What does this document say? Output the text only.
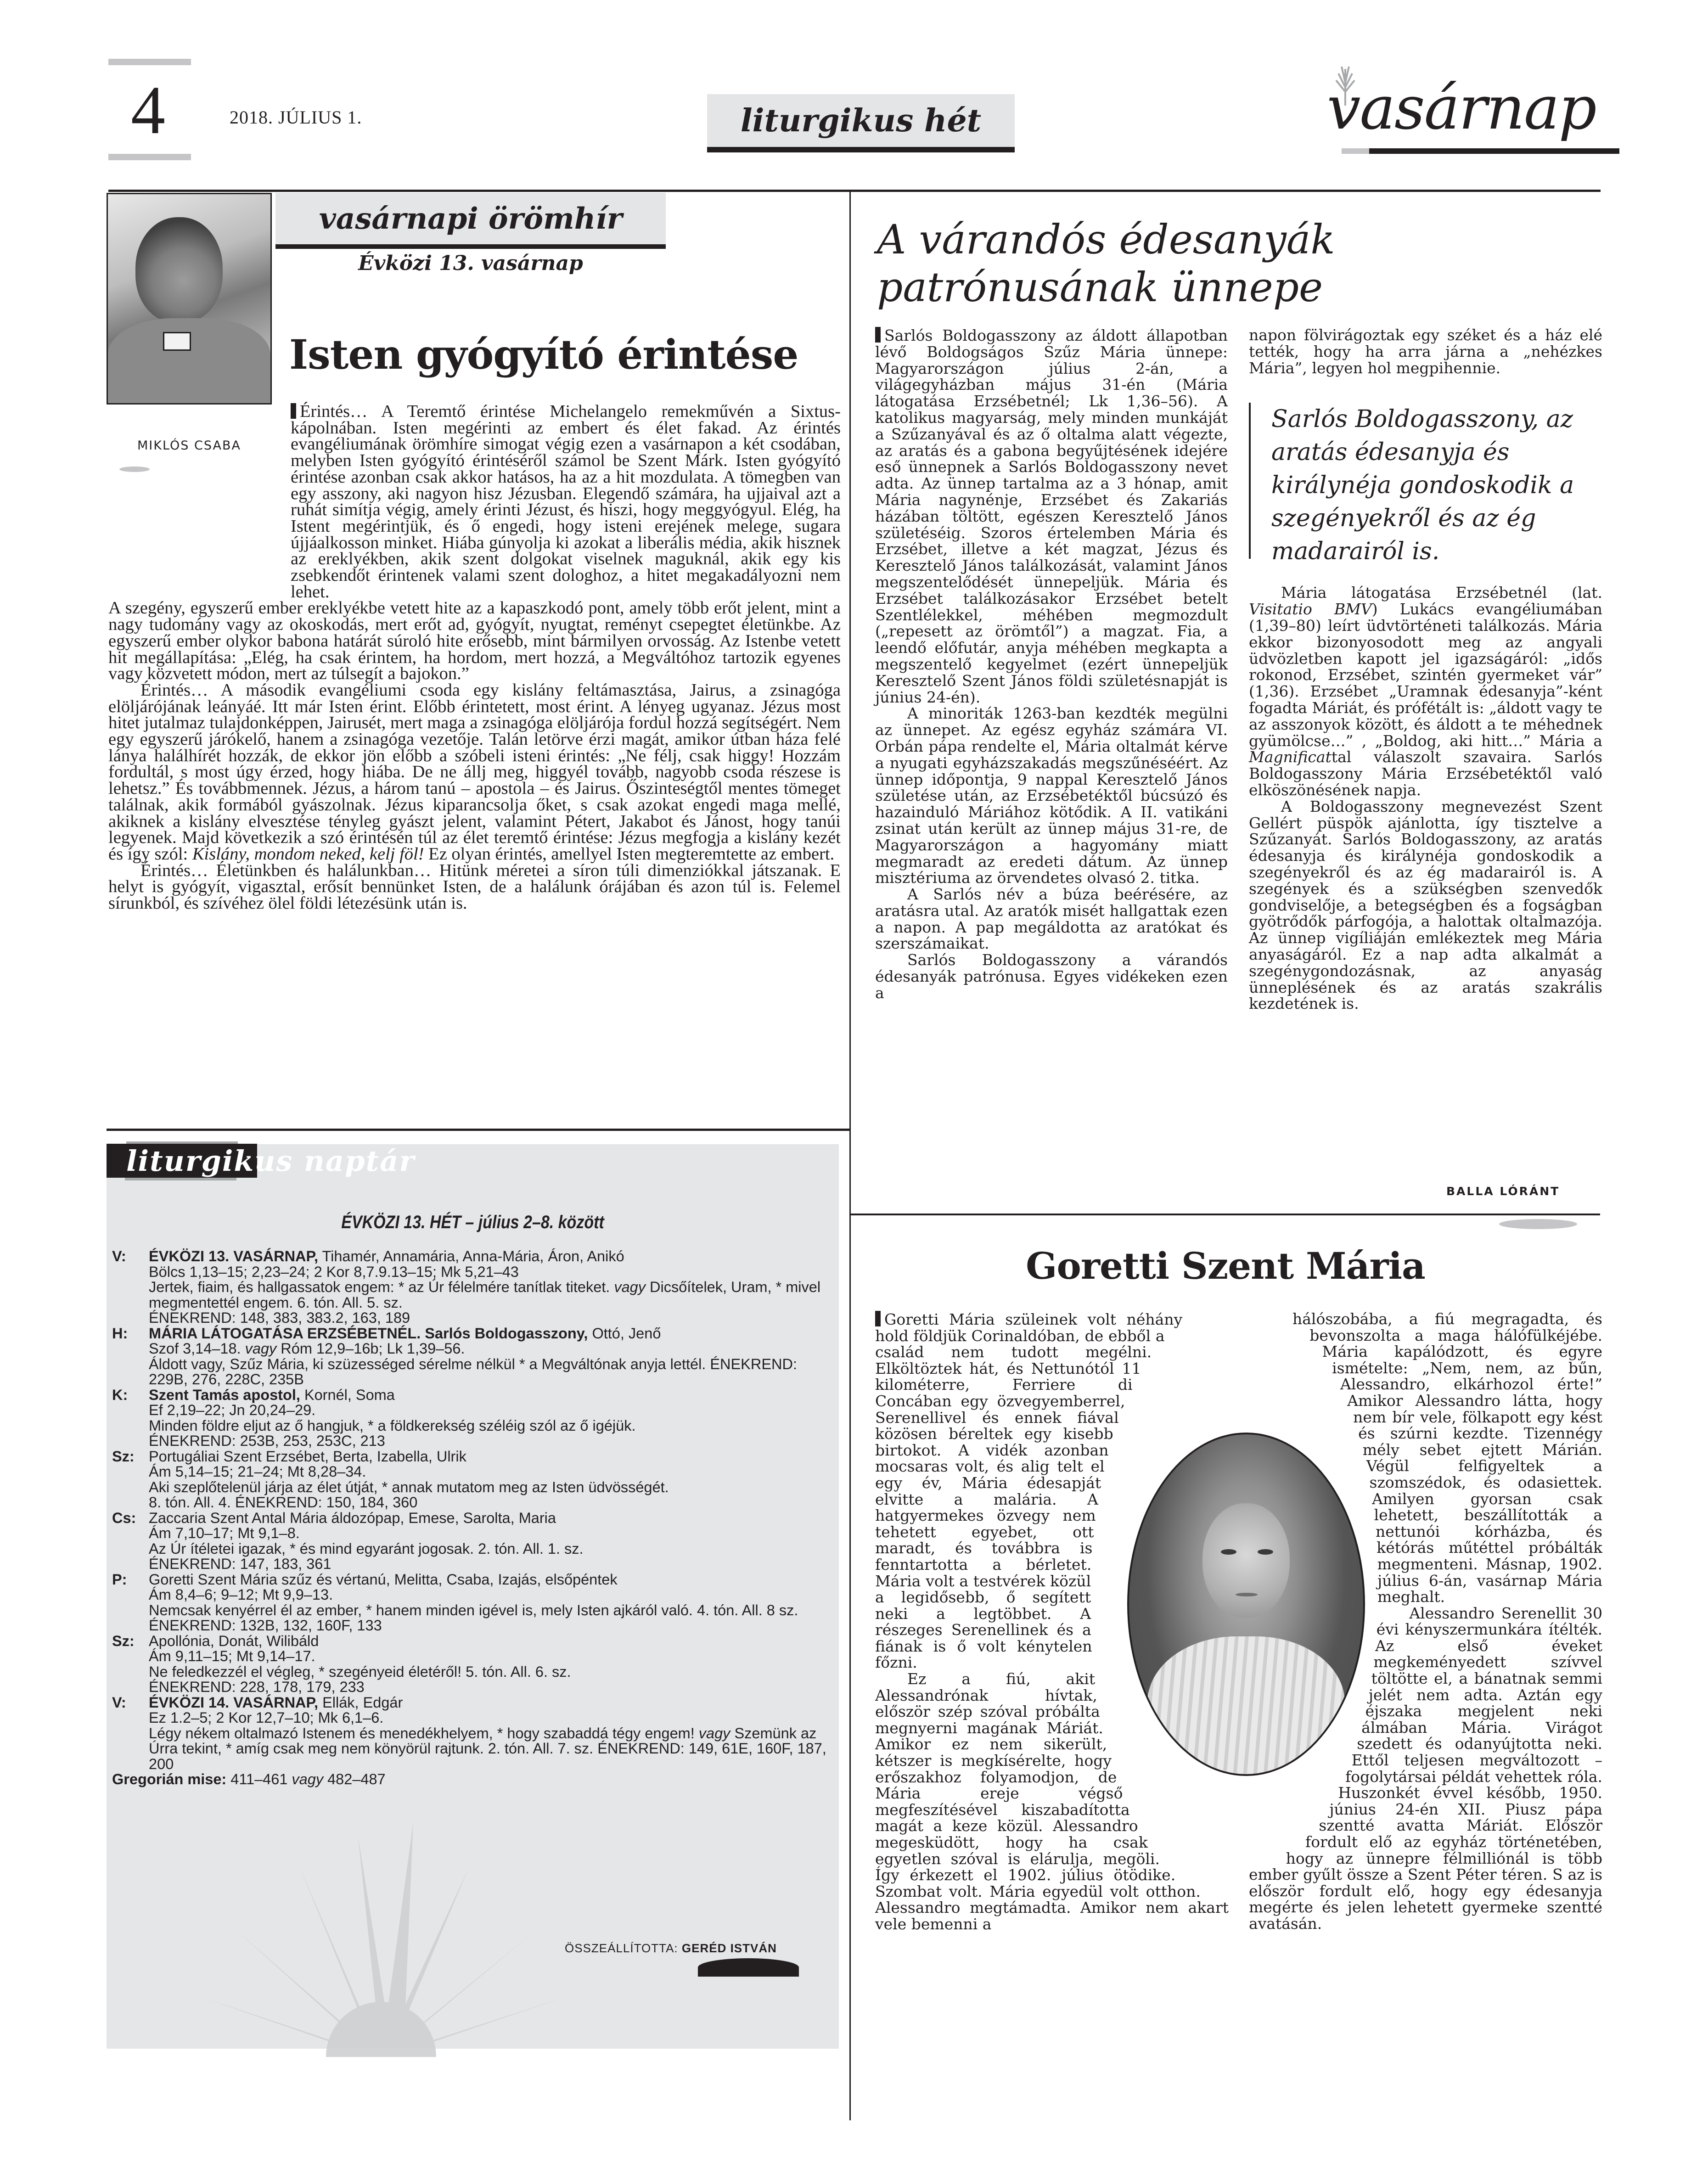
4	2018. JÚLIUS 1.	liturgikus hét	vasárnap
MIKLÓS CSABA
vasárnapi örömhír
Évközi 13. vasárnap
Isten gyógyító érintése

Érintés… A Teremtő érintése Michelangelo remekművén a Sixtus-kápolnában. Isten megérinti az embert és élet fakad. Az érintés evangéliumának örömhíre simogat végig ezen a vasárnapon a két csodában, melyben Isten gyógyító érintéséről számol be Szent Márk. Isten gyógyító érintése azonban csak akkor hatásos, ha az a hit mozdulata. A tömegben van egy asszony, aki nagyon hisz Jézusban. Elegendő számára, ha ujjaival azt a ruhát simítja végig, amely érinti Jézust, és hiszi, hogy meggyógyul. Elég, ha Istent megérintjük, és ő engedi, hogy isteni erejének melege, sugara újjáalkosson minket. Hiába gúnyolja ki azokat a liberális média, akik hisznek az ereklyékben, akik szent dolgokat viselnek maguknál, akik egy kis zsebkendőt érintenek valami szent dologhoz, a hitet megakadályozni nem lehet.

A szegény, egyszerű ember ereklyékbe vetett hite az a kapaszkodó pont, amely több erőt jelent, mint a nagy tudomány vagy az okoskodás, mert erőt ad, gyógyít, nyugtat, reményt csepegtet életünkbe. Az egyszerű ember olykor babona határát súroló hite erősebb, mint bármilyen orvosság. Az Istenbe vetett hit megállapítása: „Elég, ha csak érintem, ha hordom, mert hozzá, a Megváltóhoz tartozik egyenes vagy közvetett módon, mert az túlsegít a bajokon.”

Érintés… A második evangéliumi csoda egy kislány feltámasztása, Jairus, a zsinagóga elöljárójának leányáé. Itt már Isten érint. Előbb érintetett, most érint. A lényeg ugyanaz. Jézus most hitet jutalmaz tulajdonképpen, Jairusét, mert maga a zsinagóga elöljárója fordul hozzá segítségért. Nem egy egyszerű járókelő, hanem a zsinagóga vezetője. Talán letörve érzi magát, amikor útban háza felé lánya halálhírét hozzák, de ekkor jön előbb a szóbeli isteni érintés: „Ne félj, csak higgy! Hozzám fordultál, s most úgy érzed, hogy hiába. De ne állj meg, higgyél tovább, nagyobb csoda részese is lehetsz.” És továbbmennek. Jézus, a három tanú – apostola – és Jairus. Őszinteségtől mentes tömeget találnak, akik formából gyászolnak. Jézus kiparancsolja őket, s csak azokat engedi maga mellé, akiknek a kislány elvesztése tényleg gyászt jelent, valamint Pétert, Jakabot és Jánost, hogy tanúi legyenek. Majd következik a szó érintésén túl az élet teremtő érintése: Jézus megfogja a kislány kezét és így szól: Kislány, mondom neked, kelj föl! Ez olyan érintés, amellyel Isten megteremtette az embert.

Érintés… Életünkben és halálunkban… Hitünk méretei a síron túli dimenziókkal játszanak. E helyt is gyógyít, vigasztal, erősít bennünket Isten, de a halálunk órájában és azon túl is. Felemel sírunkból, és szívéhez ölel földi létezésünk után is.

liturgikus naptár
ÉVKÖZI 13. HÉT – július 2–8. között
V: ÉVKÖZI 13. VASÁRNAP, Tihamér, Annamária, Anna-Mária, Áron, Anikó
Bölcs 1,13–15; 2,23–24; 2 Kor 8,7.9.13–15; Mk 5,21–43
Jertek, fiaim, és hallgassatok engem: * az Úr félelmére tanítlak titeket. vagy Dicsőítelek, Uram, * mivel megmentettél engem. 6. tón. All. 5. sz.
ÉNEKREND: 148, 383, 383.2, 163, 189
H: MÁRIA LÁTOGATÁSA ERZSÉBETNÉL. Sarlós Boldogasszony, Ottó, Jenő
Szof 3,14–18. vagy Róm 12,9–16b; Lk 1,39–56.
Áldott vagy, Szűz Mária, ki szüzességed sérelme nélkül * a Megváltónak anyja lettél. ÉNEKREND: 229B, 276, 228C, 235B
K: Szent Tamás apostol, Kornél, Soma
Ef 2,19–22; Jn 20,24–29.
Minden földre eljut az ő hangjuk, * a földkerekség széléig szól az ő igéjük.
ÉNEKREND: 253B, 253, 253C, 213
Sz: Portugáliai Szent Erzsébet, Berta, Izabella, Ulrik
Ám 5,14–15; 21–24; Mt 8,28–34.
Aki szeplőtelenül járja az élet útját, * annak mutatom meg az Isten üdvösségét.
8. tón. All. 4. ÉNEKREND: 150, 184, 360
Cs: Zaccaria Szent Antal Mária áldozópap, Emese, Sarolta, Maria
Ám 7,10–17; Mt 9,1–8.
Az Úr ítéletei igazak, * és mind egyaránt jogosak. 2. tón. All. 1. sz.
ÉNEKREND: 147, 183, 361
P: Goretti Szent Mária szűz és vértanú, Melitta, Csaba, Izajás, elsőpéntek
Ám 8,4–6; 9–12; Mt 9,9–13.
Nemcsak kenyérrel él az ember, * hanem minden igével is, mely Isten ajkáról való. 4. tón. All. 8 sz. ÉNEKREND: 132B, 132, 160F, 133
Sz: Apollónia, Donát, Wilibáld
Ám 9,11–15; Mt 9,14–17.
Ne feledkezzél el végleg, * szegényeid életéről! 5. tón. All. 6. sz.
ÉNEKREND: 228, 178, 179, 233
V: ÉVKÖZI 14. VASÁRNAP, Ellák, Edgár
Ez 1.2–5; 2 Kor 12,7–10; Mk 6,1–6.
Légy nékem oltalmazó Istenem és menedékhelyem, * hogy szabaddá tégy engem! vagy Szemünk az Úrra tekint, * amíg csak meg nem könyörül rajtunk. 2. tón. All. 7. sz. ÉNEKREND: 149, 61E, 160F, 187, 200
Gregorián mise: 411–461 vagy 482–487
ÖSSZEÁLLÍTOTTA: GERÉD ISTVÁN
A várandós édesanyák
patrónusának ünnepe

Sarlós Boldogasszony az áldott állapotban lévő Boldogságos Szűz Mária ünnepe: Magyarországon július 2-án, a világegyházban május 31-én (Mária látogatása Erzsébetnél; Lk 1,36–56). A katolikus magyarság, mely minden munkáját a Szűzanyával és az ő oltalma alatt végezte, az aratás és a gabona begyűjtésének idejére eső ünnepnek a Sarlós Boldogasszony nevet adta. Az ünnep tartalma az a 3 hónap, amit Mária nagynénje, Erzsébet és Zakariás házában töltött, egészen Keresztelő János születéséig. Szoros értelemben Mária és Erzsébet, illetve a két magzat, Jézus és Keresztelő János találkozását, valamint János megszentelődését ünnepeljük. Mária és Erzsébet találkozásakor Erzsébet betelt Szentlélekkel, méhében megmozdult („repesett az örömtől”) a magzat. Fia, a leendő előfutár, anyja méhében megkapta a megszentelő kegyelmet (ezért ünnepeljük Keresztelő Szent János földi születésnapját is június 24-én).

A minoriták 1263-ban kezdték megülni az ünnepet. Az egész egyház számára VI. Orbán pápa rendelte el, Mária oltalmát kérve a nyugati egyházszakadás megszűnéséért. Az ünnep időpontja, 9 nappal Keresztelő János születése után, az Erzsébetéktől búcsúzó és hazainduló Máriához kötődik. A II. vatikáni zsinat után került az ünnep május 31-re, de Magyarországon a hagyomány miatt megmaradt az eredeti dátum. Az ünnep misztériuma az örvendetes olvasó 2. titka.

A Sarlós név a búza beérésére, az aratásra utal. Az aratók misét hallgattak ezen a napon. A pap megáldotta az aratókat és szerszámaikat.

Sarlós Boldogasszony a várandós édesanyák patrónusa. Egyes vidékeken ezen a

napon fölvirágoztak egy széket és a ház elé tették, hogy ha arra járna a „nehézkes Mária”, legyen hol megpihennie.

Sarlós Boldogasszony, az aratás édesanyja és királynéja gondoskodik a szegényekről és az ég madarairól is.

Mária látogatása Erzsébetnél (lat. Visitatio BMV) Lukács evangéliumában (1,39–80) leírt üdvtörténeti találkozás. Mária ekkor bizonyosodott meg az angyali üdvözletben kapott jel igazságáról: „idős rokonod, Erzsébet, szintén gyermeket vár” (1,36). Erzsébet „Uramnak édesanyja”-ként fogadta Máriát, és prófétált is: „áldott vagy te az asszonyok között, és áldott a te méhednek gyümölcse…” , „Boldog, aki hitt…” Mária a Magnificattal válaszolt szavaira. Sarlós Boldogasszony Mária Erzsébetéktől való elköszönésének napja.

A Boldogasszony megnevezést Szent Gellért püspök ajánlotta, így tisztelve a Szűzanyát. Sarlós Boldogasszony, az aratás édesanyja és királynéja gondoskodik a szegényekről és az ég madarairól is. A szegények és a szükségben szenvedők gondviselője, a betegségben és a fogságban gyötrődők párfogója, a halottak oltalmazója. Az ünnep vigíliáján emlékeztek meg Mária anyaságáról. Ez a nap adta alkalmát a szegénygondozásnak, az anyaság ünneplésének és az aratás szakrális kezdetének is.

BALLA LÓRÁNT
Goretti Szent Mária

Goretti Mária szüleinek volt néhány hold földjük Corinaldóban, de ebből a család nem tudott megélni. Elköltöztek hát, és Nettunótól 11 kilométerre, Ferriere di Concában egy özvegyemberrel, Serenellivel és ennek fiával közösen béreltek egy kisebb birtokot. A vidék azonban mocsaras volt, és alig telt el egy év, Mária édesapját elvitte a malária. A hatgyermekes özvegy nem tehetett egyebet, ott maradt, és továbbra is fenntartotta a bérletet. Mária volt a testvérek közül a legidősebb, ő segített neki a legtöbbet. A részeges Serenellinek és a fiának is ő volt kénytelen főzni.

Ez a fiú, akit Alessandrónak hívtak, először szép szóval próbálta megnyerni magának Máriát. Amikor ez nem sikerült, kétszer is megkísérelte, hogy erőszakhoz folyamodjon, de Mária ereje végső megfeszítésével kiszabadította magát a keze közül. Alessandro megesküdött, hogy ha csak egyetlen szóval is elárulja, megöli. Így érkezett el 1902. július ötödike. Szombat volt. Mária egyedül volt otthon. Alessandro megtámadta. Amikor nem akart vele bemenni a

hálószobába, a fiú megragadta, és bevonszolta a maga hálófülkéjébe. Mária kapálódzott, és egyre ismételte: „Nem, nem, az bűn, Alessandro, elkárhozol érte!” Amikor Alessandro látta, hogy nem bír vele, fölkapott egy kést és szúrni kezdte. Tizennégy mély sebet ejtett Márián. Végül felfigyeltek a szomszédok, és odasiettek. Amilyen gyorsan csak lehetett, beszállították a nettunói kórházba, és kétórás műtéttel próbálták megmenteni. Másnap, 1902. július 6-án, vasárnap Mária meghalt.

Alessandro Serenellit 30 évi kényszermunkára ítélték. Az első éveket megkeményedett szívvel töltötte el, a bánatnak semmi jelét nem adta. Aztán egy éjszaka megjelent neki álmában Mária. Virágot szedett és odanyújtotta neki. Ettől teljesen megváltozott – fogolytársai példát vehettek róla. Huszonkét évvel később, 1950. június 24-én XII. Piusz pápa szentté avatta Máriát. Először fordult elő az egyház történetében, hogy az ünnepre félmilliónál is több ember gyűlt össze a Szent Péter téren. S az is először fordult elő, hogy egy édesanyja megérte és jelen lehetett gyermeke szentté avatásán.
